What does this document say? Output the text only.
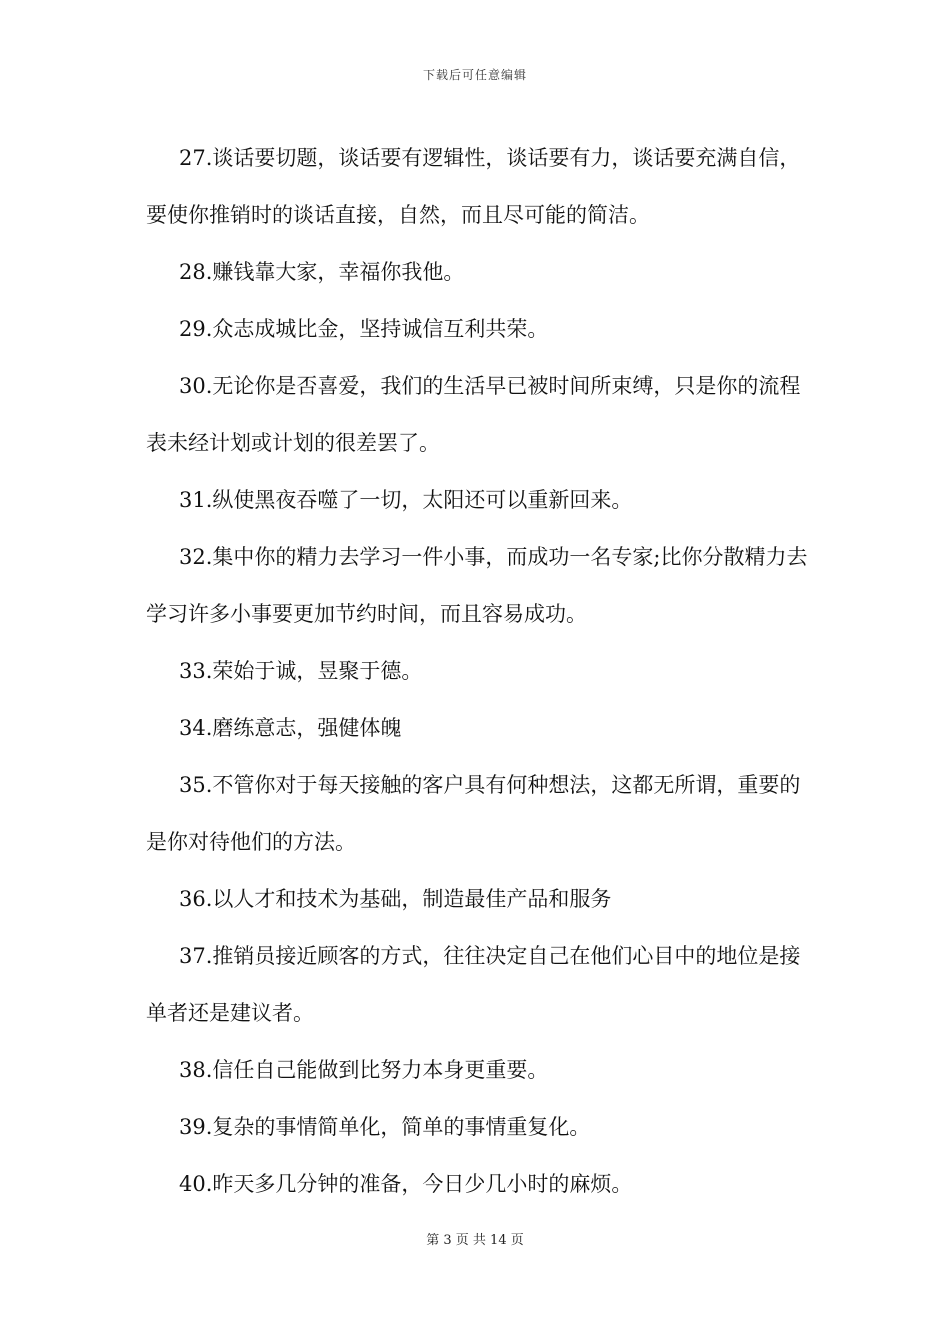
下载后可任意编辑

27.谈话要切题，谈话要有逻辑性，谈话要有力，谈话要充满自信，要使你推销时的谈话直接，自然，而且尽可能的简洁。

28.赚钱靠大家，幸福你我他。

29.众志成城比金，坚持诚信互利共荣。

30.无论你是否喜爱，我们的生活早已被时间所束缚，只是你的流程表未经计划或计划的很差罢了。

31.纵使黑夜吞噬了一切，太阳还可以重新回来。

32.集中你的精力去学习一件小事，而成功一名专家;比你分散精力去学习许多小事要更加节约时间，而且容易成功。

33.荣始于诚，昱聚于德。

34.磨练意志，强健体魄

35.不管你对于每天接触的客户具有何种想法，这都无所谓，重要的是你对待他们的方法。

36.以人才和技术为基础，制造最佳产品和服务

37.推销员接近顾客的方式，往往决定自己在他们心目中的地位是接单者还是建议者。

38.信任自己能做到比努力本身更重要。

39.复杂的事情简单化，简单的事情重复化。

40.昨天多几分钟的准备，今日少几小时的麻烦。

第 3 页 共 14 页
